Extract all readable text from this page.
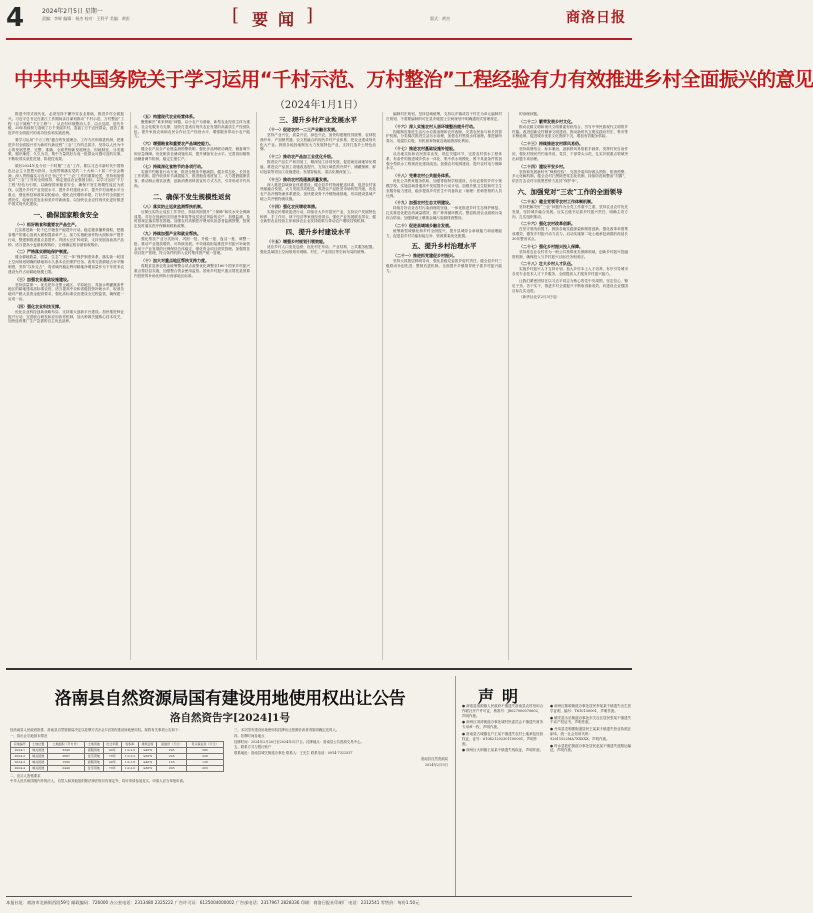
4	2024年2月5日 星期一
责编：李辉 编辑：杨杰 校对：王科平 美编：黄彭	[ 要闻 ]	版式：黄杰	商洛日报
中共中央国务院关于学习运用“千村示范、万村整治”工程经验有力有效推进乡村全面振兴的意见
（2024年1月1日）

推进中国式现代化，必须坚持不懈夯实农业基础，推进乡村全面振兴。习近平总书记在浙江工作期间亲自谋划推动“千村示范、万村整治”工程（以下简称“千万工程”），从农村环境整治入手，由点及面、迭代升级，20年持续努力造就了万千美丽乡村，造福了万千农民群众，创造了推进乡村全面振兴的成功经验和实践范例。

要学习运用“千万工程”蕴含的发展理念、工作方法和推进机制，把推进乡村全面振兴作为新时代新征程“三农”工作的总抓手，坚持以人民为中心的发展思想，完整、准确、全面贯彻新发展理念，因地制宜、分类施策，循序渐进、久久为功，集中力量抓好办成一批群众可感可及的实事，不断取得实质性进展、阶段性成果。

做好2024年及今后一个时期“三农”工作，要以习近平新时代中国特色社会主义思想为指导，全面贯彻落实党的二十大和二十届二中全会精神，深入贯彻落实习近平总书记关于“三农”工作的重要论述，坚持和加强党对“三农”工作的全面领导，锚定建设农业强国目标，以学习运用“千万工程”经验为引领，以确保国家粮食安全、确保不发生规模性返贫为底线，以提升乡村产业发展水平、提升乡村建设水平、提升乡村治理水平为重点，强化科技和改革双轮驱动，强化农民增收举措，打好乡村全面振兴漂亮仗，绘就宜居宜业和美乡村新画卷，以加快农业农村现代化更好推进中国式现代化建设。

一、确保国家粮食安全
（一）抓好粮食和重要农产品生产。

扎实推进新一轮千亿斤粮食产能提升行动。稳定粮食播种面积，把粮食增产的重心放到大面积提高单产上，加力实施粮油作物大面积单产提升行动，整建制推进重点县提升。巩固大豆扩种成果，支持发展高油高产品种。适当提高小麦最低收购价，合理确定稻谷最低收购价。

（二）严格落实耕地保护制度。

健全耕地数量、质量、生态“三位一体”保护制度体系，落实新一轮国土空间规划明确的耕地和永久基本农田保护任务。改革完善耕地占补平衡制度，坚持“以补定占”，将省域内稳定利用耕地净增加量作为下年度非农建设允许占用耕地规模上限。

（三）加强农业基础设施建设。

坚持质量第一，优先把东北黑土地区、平原地区、具备水利灌溉条件地区的耕地建成高标准农田，适当提高中央和省级投资补助水平，取消各地对产粮大县资金配套要求，强化高标准农田建设全过程监管，确保建一亩成一亩。

（四）强化农业科技支撑。

优化农业科技创新战略布局，支持重大创新平台建设。加快推进种业振兴行动，完善联合研发和应用协作机制，加大种源关键核心技术攻关，加快选育推广生产急需的自主优良品种。

（五）构建现代农业经营体系。

聚焦解决“谁来种地”问题，以小农户为基础、新型农业经营主体为重点、社会化服务为支撑，加快打造适应现代农业发展的高素质生产经营队伍。提升家庭农场和农民合作社生产经营水平，增强服务带动小农户能力。

（六）增强粮食和重要农产品调控能力。

健全农产品全产业链监测预警机制，强化多品种联动调控、储备调节和应急保障。优化粮食仓储设施布局，提升储备安全水平。完善食用植物油储备调节机制，稳定生猪生产。

（七）持续深化食物节约各项行动。

实施节约粮食行动方案，推进全链条节粮减损，健全常态化、长效化工作机制。提升收获环节减损能力，推进粮食适度加工，大力提倡健康饮食，推动制止餐饮浪费，创新消费者科普宣传方式方法，引导形成节约风尚。

二、确保不发生规模性返贫
（八）落实防止返贫监测帮扶机制。

压紧压实防止返贫工作责任，持续巩固提升“三保障”和饮水安全保障成果。对存在因病因灾因意外事故等返贫致贫风险的农户，加强监测，及时按规定落实帮扶措施。加强农村高额医疗费用负担患者监测预警，按规定及时落实医疗保障和救助政策。

（九）持续加强产业和就业帮扶。

强化帮扶产业分类指导，巩固一批、升级一批、盘活一批、调整一批，推动产业提质增效、可持续发展。中央财政衔接推进乡村振兴补助资金用于产业发展的比例保持总体稳定，强化资金项目绩效管理。加强帮扶项目资产管理，符合条件的纳入农村集体资产统一管理。

（十）加大对重点地区帮扶支持力度。

将脱贫县涉农资金统筹整合试点政策优化调整至160个国家乡村振兴重点帮扶县实施，加强整合资金使用监管。国家乡村振兴重点帮扶县预算内投资的补助比例执行西部地区标准。

三、提升乡村产业发展水平
（十一）促进农村一二三产业融合发展。

坚持产业兴农、质量兴农、绿色兴农，加快构建粮经饲统筹、农林牧渔并举、产加销贯通、农文旅融合的现代乡村产业体系，把农业建成现代化大产业。鼓励各地因地制宜大力发展特色产业，支持打造乡土特色品牌。

（十二）推动农产品加工业优化升级。

推进农产品生产和初加工、精深加工协同发展，促进就近就地转化增值。推进农产品加工设施改造提升，支持区域性预冷烘干、储藏保鲜、鲜切包装等初加工设施建设，发展智能化、清洁化精深加工。

（十三）推动农村流通高质量发展。

深入推进县域商业体系建设，健全县乡村物流配送体系，促进农村客货邮融合发展，大力发展共同配送。推进农产品批发市场转型升级。优化农产品冷链物流体系建设，加快建设骨干冷链物流基地，布局建设县域产地公共冷链物流设施。

（十四）强化农民增收举措。

实施农民增收促进行动，持续壮大乡村富民产业，支持农户发展特色种养、手工作坊、林下经济等家庭经营项目。强化产业发展联农带农，健全新型农业经营主体和涉农企业扶持政策与带动农户增收挂钩机制。

四、提升乡村建设水平
（十五）增强乡村规划引领效能。

适应乡村人口变化趋势，优化村庄布局、产业结构、公共服务配置。强化县域国土空间规划对城镇、村庄、产业园区等空间布局的统筹。

编制村庄规划，坚持县域统筹，支持以乡镇或若干村庄为单元编制村庄规划，不需要编制的可在县乡级国土空间规划中明确通则式管理规定。

（十六）深入实施农村人居环境整治提升行动。

因地制宜推进生活污水垃圾治理和农村改厕，完善农民参与和长效管护机制。分类梯次推进生活污水治理，加强农村黑臭水体治理。推进厕所粪污、易腐烂垃圾、有机废弃物就近就地资源化利用。

（十七）推进农村基础设施补短板。

从各地实际和农民需求出发，抓住关键环节，完善农村供水工程体系，有条件的推进城乡供水一体化、集中供水规模化，暂不具备条件的加强小型供水工程规范化建设改造。加强农村电网建设，提升农村电力保障水平。

（十八）完善农村公共服务体系。

优化公共教育服务供给，加强寄宿制学校建设，办好必要的乡村小规模学校。实施县域普通高中发展提升行动计划。加强乡镇卫生院和村卫生室服务能力建设，稳步提高乡村医生中具备执业（助理）医师资格的人员比例。

（十九）加强农村生态文明建设。

持续打好农业农村污染治理攻坚战，一体化推进乡村生态保护修复。扎实推进化肥农药减量增效，推广种养循环模式。整县推进农业面源污染综合防治。加强耕地土壤重金属污染源排查整治。

（二十）促进县域城乡融合发展。

统筹新型城镇化和乡村全面振兴，提升县城综合承载能力和治理能力，促进县乡村功能衔接互补、资源要素优化配置。

五、提升乡村治理水平
（二十一）推进抓党建促乡村振兴。

坚持大抓基层鲜明导向，强化县级党委抓乡促村责任，健全县乡村三级联动争创先进、整顿后进机制。全面提升乡镇领导班子抓乡村振兴能力。

的治理问题。

（二十二）繁荣发展乡村文化。

推动农耕文明和现代文明要素有机结合，书写中华民族现代文明的乡村篇。改进创新农村精神文明建设，推动新时代文明实践向村庄、集市等末梢延伸，促进城市优质文化资源下沉，增加有效服务供给。

（二十三）持续推进农村移风易俗。

坚持疏堵结合、标本兼治，创新移风易俗抓手载体，发挥村民自治作用，强化村规民约约束作用，党员、干部带头示范，扎实开展重点领域突出问题专项治理。

（二十四）建设平安乡村。

坚持和发展新时代“枫桥经验”，完善矛盾纠纷源头预防、排查预警、多元化解机制。健全农村扫黑除恶常态化机制，持续防范和整治“村霸”，依法打击农村宗族黑恶势力及其“保护伞”。

六、加强党对“三农”工作的全面领导
（二十五）健全党领导农村工作体制机制。

坚持把解决好“三农”问题作为全党工作重中之重，坚持农业农村优先发展，坚持城乡融合发展。压实五级书记抓乡村振兴责任，明确主攻方向，扎实组织推动。

（二十六）强化农村改革创新。

在坚守底线前提下，鼓励各地实践探索和制度创新，强化改革举措集成增效，激发乡村振兴动力活力。启动实施第二轮土地承包到期后再延长30年整省试点。

（二十七）强化乡村振兴投入保障。

坚持将农业农村作为一般公共预算优先保障领域，创新乡村振兴投融资机制，确保投入与乡村振兴目标任务相适应。

（二十八）壮大乡村人才队伍。

实施乡村振兴人才支持计划，加大乡村本土人才培养，有序引导城市各类专业技术人才下乡服务，全面提高人才服务乡村振兴能力。

让我们紧密团结在以习近平同志为核心的党中央周围，坚定信心、铆足干劲、苦干实干，推进乡村全面振兴不断取得新成效，向建设农业强国目标扎实迈进。

（新华社北京2月3日电）

洛南县自然资源局国有建设用地使用权出让公告
洛自然资告字[2024]1号

经洛南县人民政府批准，洛南县自然资源局决定以挂牌方式出让1宗国有建设用地使用权。现将有关事项公告如下：

一、拟出让宗地基本情况

宗地编号	土地位置	土地面积（平方米）	土地用途	出让年限	容积率	建筑密度	起始价（万元）	竞买保证金（万元）
2024-1	城关街道	3340	商服用地	40年	1.0-2.5	≤45%	295	295
2024-2	城关街道	2667	住宅用地	70年	1.0-2.2	≤30%	228	228
2024-3	城关街道	1590	商服用地	40年	1.0-1.8	≤40%	126	126
2024-4	城关街道	2440	住宅用地	70年	1.0-2.0	≤30%	203	203

二、竞买人资格要求

中华人民共和国境内外的法人、自然人和其他组织除法律法规另有规定外，均可申请参加竞买，申请人应当单独申请。

三、本次国有建设用地使用权挂牌出让按照价高者得原则确定竞得人。

四、挂牌时间及地点

挂牌时间：2024年2月26日至2024年3月7日。挂牌地点：洛南县公共资源交易中心。

五、联系方式与银行账户

联系地址：洛南县城关街道办事处 联系人：王先生 联系电话：0914-7322537

洛南县自然资源局

2024年2月5日

声明

● 商洛县洛源镇人民政府不慎遗失洛南县农村信用合作联社开户许可证，核准号：J8027000070602，声明作废。

● 商州区刘湾街道办事处城村民委员会不慎遗失财务专用章一枚，声明作废。

● 洛南县古城镇农户王某不慎遗失农村土地承包经营权证，证号：610421202301100001，声明作废。

● 商州区大荆镇王某某不慎遗失残疾证，声明作废。

● 商州区陈塬街道办事处居民李某某不慎遗失出生医学证明，编号：T610150001，声明作废。

● 镇安县永乐街道办事处东关社区居民张某不慎遗失不动产权证书，声明作废。

● 丹凤县龙驹寨街道居民王某某不慎遗失营业执照正副本，统一社会信用代码：92611022MA7XXXXX，声明作废。

● 柞水县乾佑街道办事处居民赵某不慎遗失道路运输证，声明作废。

本报社址：商洛市北新街西段59号 邮政编码：726000 办公室电话：2313480 2325222 广告许可证：6125004000002 广告部电话：2317967 2828336 印刷：商洛日报社印刷厂 电话：2312541 零售价：每份1.50元
